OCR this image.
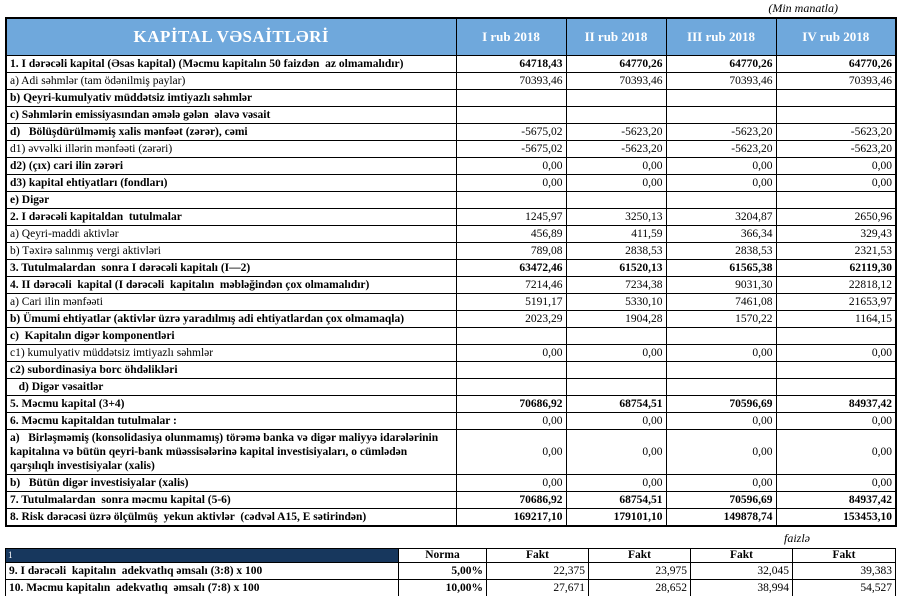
(Min manatla)
KAPİTAL VƏSAİTLƏRİ	I rub 2018	II rub 2018	III rub 2018	IV rub 2018
1. I dərəcəli kapital (Əsas kapital) (Məcmu kapitalın 50 faizdən  az olmamalıdır)	64718,43	64770,26	64770,26	64770,26
a) Adi səhmlər (tam ödənilmiş paylar)	70393,46	70393,46	70393,46	70393,46
b) Qeyri-kumulyativ müddətsiz imtiyazlı səhmlər				
c) Səhmlərin emissiyasından əmələ gələn  əlavə vəsait				
d)   Bölüşdürülməmiş xalis mənfəət (zərər), cəmi	-5675,02	-5623,20	-5623,20	-5623,20
d1) əvvəlki illərin mənfəəti (zərəri)	-5675,02	-5623,20	-5623,20	-5623,20
d2) (çıx) cari ilin zərəri	0,00	0,00	0,00	0,00
d3) kapital ehtiyatları (fondları)	0,00	0,00	0,00	0,00
e) Digər				
2. I dərəcəli kapitaldan  tutulmalar	1245,97	3250,13	3204,87	2650,96
a) Qeyri-maddi aktivlər	456,89	411,59	366,34	329,43
b) Təxirə salınmış vergi aktivləri	789,08	2838,53	2838,53	2321,53
3. Tutulmalardan  sonra I dərəcəli kapitalı (I—2)	63472,46	61520,13	61565,38	62119,30
4. II dərəcəli  kapital (I dərəcəli  kapitalın  məbləğindən çox olmamalıdır)	7214,46	7234,38	9031,30	22818,12
a) Cari ilin mənfəəti	5191,17	5330,10	7461,08	21653,97
b) Ümumi ehtiyatlar (aktivlər üzrə yaradılmış adi ehtiyatlardan çox olmamaqla)	2023,29	1904,28	1570,22	1164,15
c)  Kapitalın digər komponentləri				
c1) kumulyativ müddətsiz imtiyazlı səhmlər	0,00	0,00	0,00	0,00
c2) subordinasiya borc öhdəlikləri				
d) Digər vəsaitlər				
5. Məcmu kapital (3+4)	70686,92	68754,51	70596,69	84937,42
6. Məcmu kapitaldan tutulmalar :	0,00	0,00	0,00	0,00
a)   Birləşməmiş (konsolidasiya olunmamış) törəmə banka və digər maliyyə idarələrinin kapitalına və bütün qeyri-bank müəssisələrinə kapital investisiyaları, o cümlədən qarşılıqlı investisiyalar (xalis)	0,00	0,00	0,00	0,00
b)   Bütün digər investisiyalar (xalis)	0,00	0,00	0,00	0,00
7. Tutulmalardan  sonra məcmu kapital (5-6)	70686,92	68754,51	70596,69	84937,42
8. Risk dərəcəsi üzrə ölçülmüş  yekun aktivlər  (cədvəl A15, E sətirindən)	169217,10	179101,10	149878,74	153453,10
faizlə
1	Norma	Fakt	Fakt	Fakt	Fakt
9. I dərəcəli  kapitalın  adekvatlıq əmsalı (3:8) x 100	5,00%	22,375	23,975	32,045	39,383
10. Məcmu kapitalın  adekvatlıq  əmsalı (7:8) x 100	10,00%	27,671	28,652	38,994	54,527
